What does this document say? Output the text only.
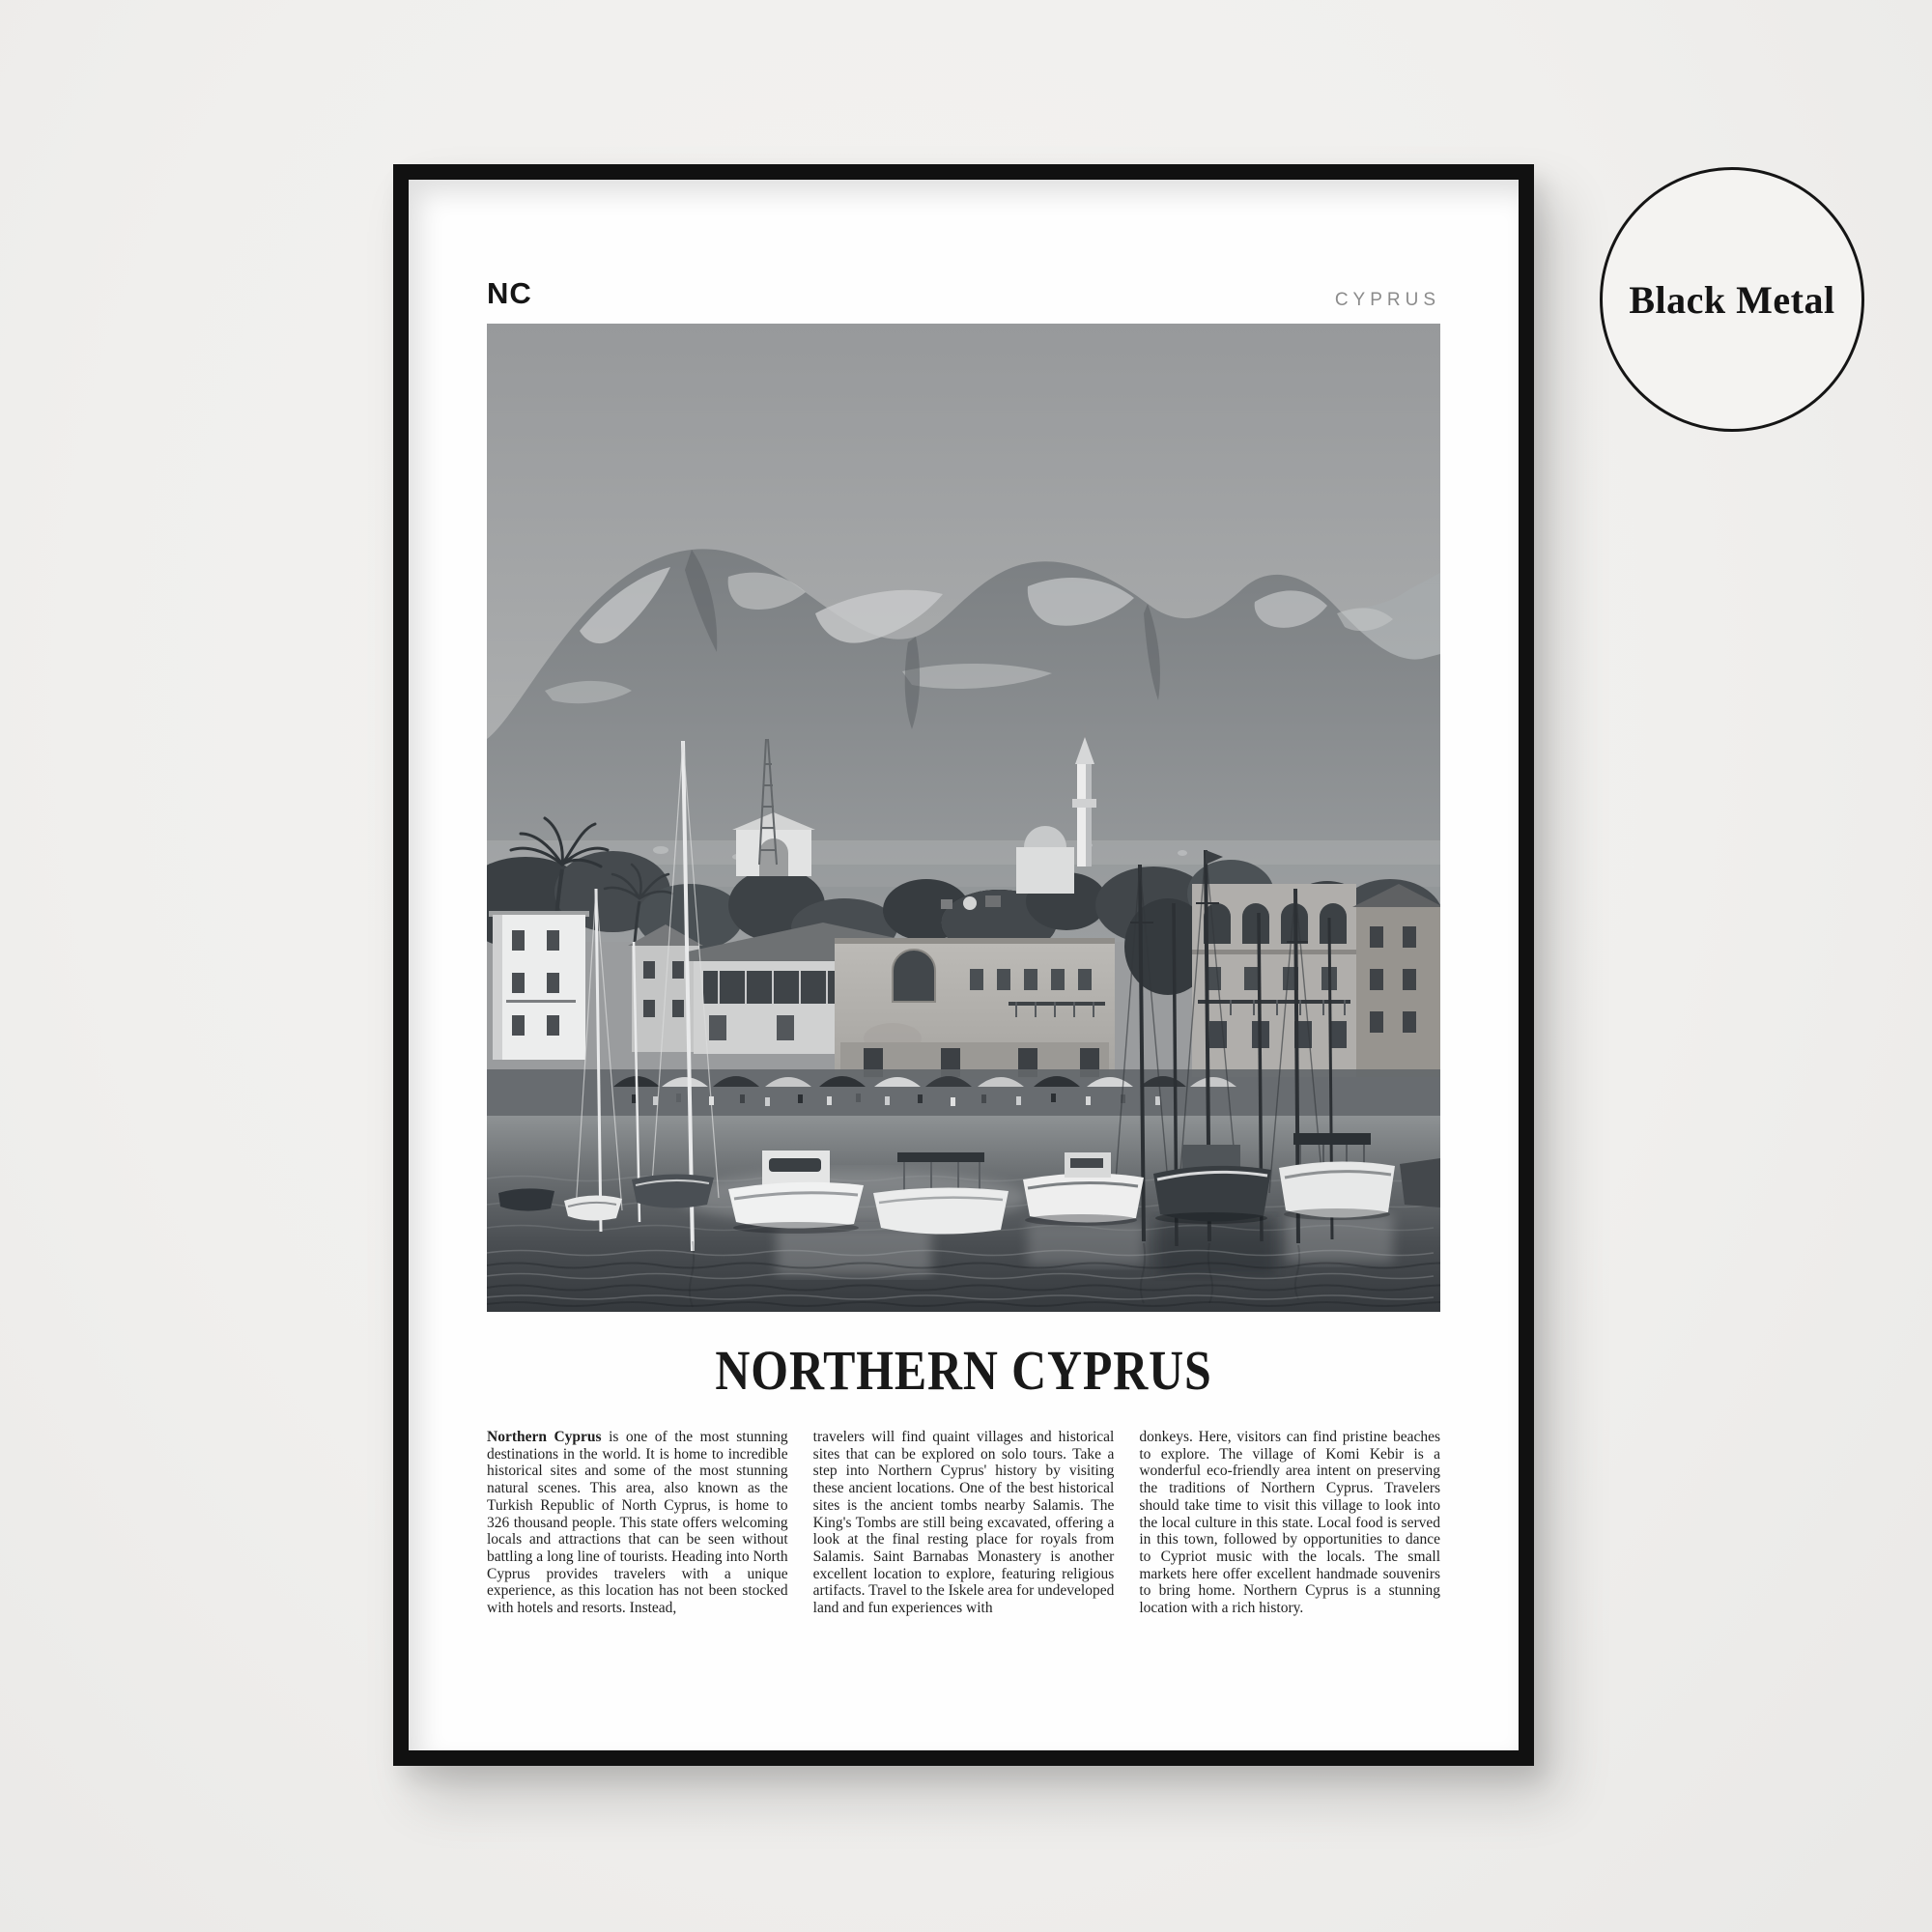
NC	CYPRUS
NORTHERN CYPRUS

Northern Cyprus is one of the most stunning destinations in the world. It is home to incredible historical sites and some of the most stunning natural scenes. This area, also known as the Turkish Republic of North Cyprus, is home to 326 thousand people. This state offers welcoming locals and attractions that can be seen without battling a long line of tourists. Heading into North Cyprus provides travelers with a unique experience, as this location has not been stocked with hotels and resorts. Instead,

travelers will find quaint villages and historical sites that can be explored on solo tours. Take a step into Northern Cyprus' history by visiting these ancient locations. One of the best historical sites is the ancient tombs nearby Salamis. The King's Tombs are still being excavated, offering a look at the final resting place for royals from Salamis. Saint Barnabas Monastery is another excellent location to explore, featuring religious artifacts. Travel to the Iskele area for undeveloped land and fun experiences with

donkeys. Here, visitors can find pristine beaches to explore. The village of Komi Kebir is a wonderful eco-friendly area intent on preserving the traditions of Northern Cyprus. Travelers should take time to visit this village to look into the local culture in this state. Local food is served in this town, followed by opportunities to dance to Cypriot music with the locals. The small markets here offer excellent handmade souvenirs to bring home. Northern Cyprus is a stunning location with a rich history.

Black Metal
